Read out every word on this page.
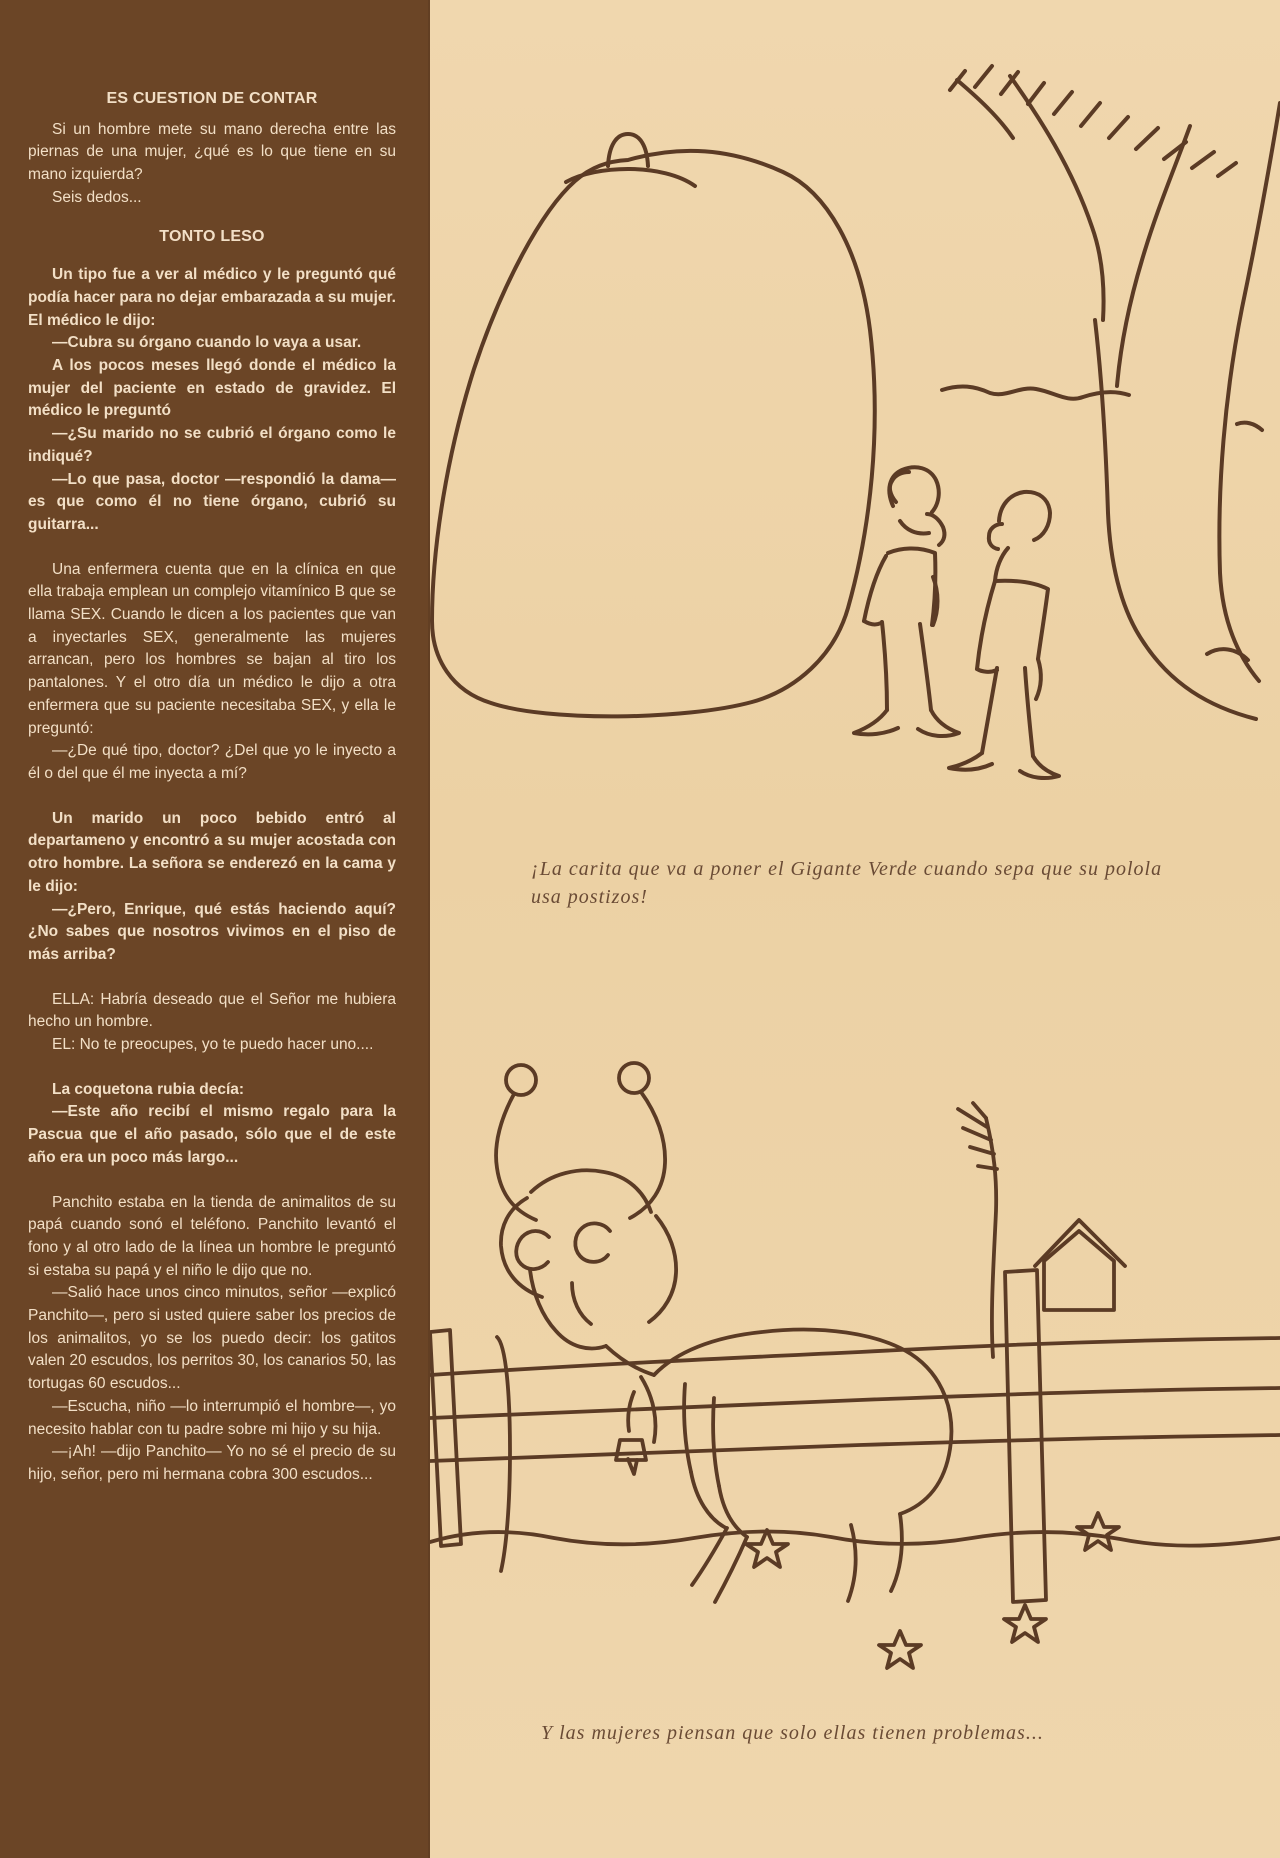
ES CUESTION DE CONTAR

Si un hombre mete su mano derecha entre las piernas de una mujer, ¿qué es lo que tiene en su mano izquierda?

Seis dedos...

TONTO LESO

Un tipo fue a ver al médico y le preguntó qué podía hacer para no dejar embarazada a su mujer. El médico le dijo:

—Cubra su órgano cuando lo vaya a usar.

A los pocos meses llegó donde el médico la mujer del paciente en estado de gravidez. El médico le preguntó

—¿Su marido no se cubrió el órgano como le indiqué?

—Lo que pasa, doctor —respondió la dama— es que como él no tiene órgano, cubrió su guitarra...

Una enfermera cuenta que en la clínica en que ella trabaja emplean un complejo vitamínico B que se llama SEX. Cuando le dicen a los pacientes que van a inyectarles SEX, generalmente las mujeres arrancan, pero los hombres se bajan al tiro los pantalones. Y el otro día un médico le dijo a otra enfermera que su paciente necesitaba SEX, y ella le preguntó:

—¿De qué tipo, doctor? ¿Del que yo le inyecto a él o del que él me inyecta a mí?

Un marido un poco bebido entró al departameno y encontró a su mujer acostada con otro hombre. La señora se enderezó en la cama y le dijo:

—¿Pero, Enrique, qué estás haciendo aquí? ¿No sabes que nosotros vivimos en el piso de más arriba?

ELLA: Habría deseado que el Señor me hubiera hecho un hombre.

EL: No te preocupes, yo te puedo hacer uno....

La coquetona rubia decía:

—Este año recibí el mismo regalo para la Pascua que el año pasado, sólo que el de este año era un poco más largo...

Panchito estaba en la tienda de animalitos de su papá cuando sonó el teléfono. Panchito levantó el fono y al otro lado de la línea un hombre le preguntó si estaba su papá y el niño le dijo que no.

—Salió hace unos cinco minutos, señor —explicó Panchito—, pero si usted quiere saber los precios de los animalitos, yo se los puedo decir: los gatitos valen 20 escudos, los perritos 30, los canarios 50, las tortugas 60 escudos...

—Escucha, niño —lo interrumpió el hombre—, yo necesito hablar con tu padre sobre mi hijo y su hija.

—¡Ah! —dijo Panchito— Yo no sé el precio de su hijo, señor, pero mi hermana cobra 300 escudos...

¡La carita que va a poner el Gigante Verde cuando sepa que su polola usa postizos!
Y las mujeres piensan que solo ellas tienen problemas...
